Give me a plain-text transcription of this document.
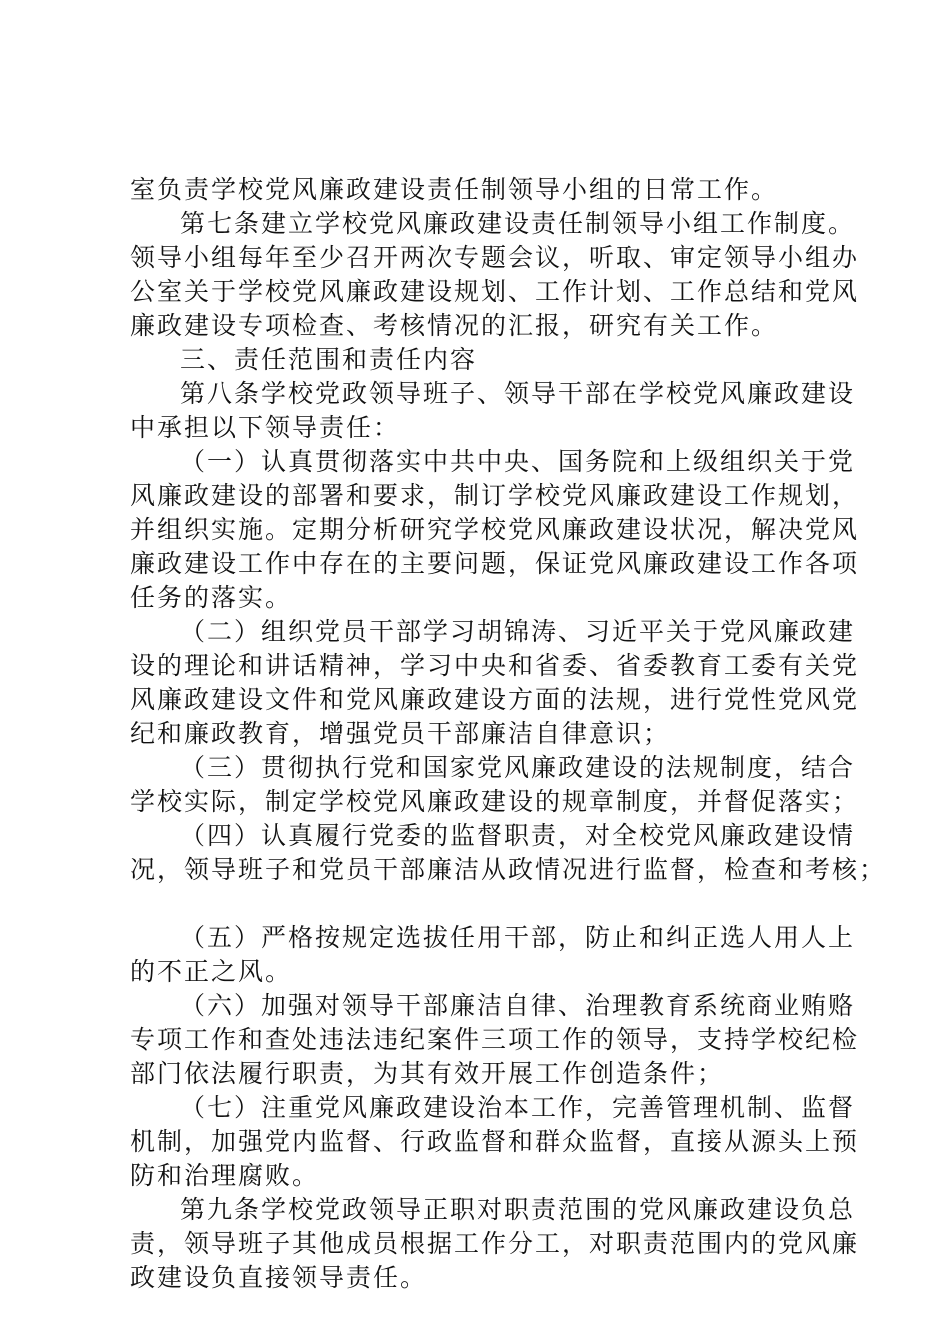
室负责学校党风廉政建设责任制领导小组的日常工作。
第七条建立学校党风廉政建设责任制领导小组工作制度。
领导小组每年至少召开两次专题会议，听取、审定领导小组办
公室关于学校党风廉政建设规划、工作计划、工作总结和党风
廉政建设专项检查、考核情况的汇报，研究有关工作。
三、责任范围和责任内容
第八条学校党政领导班子、领导干部在学校党风廉政建设
中承担以下领导责任：
（一）认真贯彻落实中共中央、国务院和上级组织关于党
风廉政建设的部署和要求，制订学校党风廉政建设工作规划，
并组织实施。定期分析研究学校党风廉政建设状况，解决党风
廉政建设工作中存在的主要问题，保证党风廉政建设工作各项
任务的落实。
（二）组织党员干部学习胡锦涛、习近平关于党风廉政建
设的理论和讲话精神，学习中央和省委、省委教育工委有关党
风廉政建设文件和党风廉政建设方面的法规，进行党性党风党
纪和廉政教育，增强党员干部廉洁自律意识；
（三）贯彻执行党和国家党风廉政建设的法规制度，结合
学校实际，制定学校党风廉政建设的规章制度，并督促落实；
（四）认真履行党委的监督职责，对全校党风廉政建设情
况，领导班子和党员干部廉洁从政情况进行监督，检查和考核；
（五）严格按规定选拔任用干部，防止和纠正选人用人上
的不正之风。
（六）加强对领导干部廉洁自律、治理教育系统商业贿赂
专项工作和查处违法违纪案件三项工作的领导，支持学校纪检
部门依法履行职责，为其有效开展工作创造条件；
（七）注重党风廉政建设治本工作，完善管理机制、监督
机制，加强党内监督、行政监督和群众监督，直接从源头上预
防和治理腐败。
第九条学校党政领导正职对职责范围的党风廉政建设负总
责，领导班子其他成员根据工作分工，对职责范围内的党风廉
政建设负直接领导责任。
